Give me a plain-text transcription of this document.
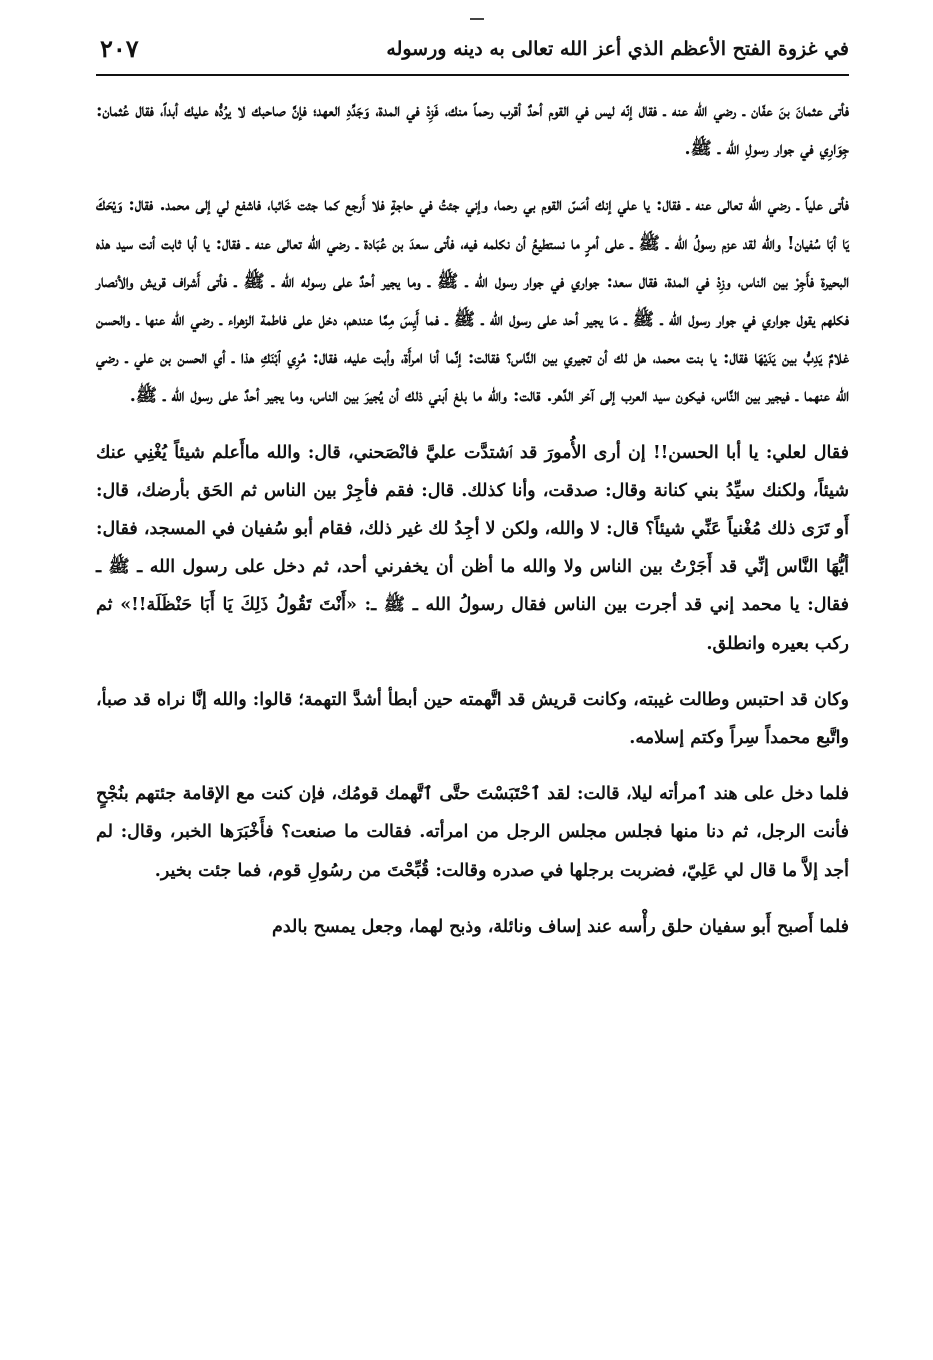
في غزوة الفتح الأعظم الذي أعز الله تعالى به دينه ورسوله
٢٠٧

فأتى عثمانَ بنَ عفّان ـ رضي الله عنه ـ فقال إنّه ليس في القوم أحدٌ أقرب رحماً منك، فَزِدْ في المدة، وَجَدِّدِ العهد؛ فإنَّ صاحبك لا يرُدُّه عليك أبداً، فقال عُثمان: جِوَارِي في جوار رسولِ الله ـ ﷺ.

فأتى علياً ـ رضي الله تعالى عنه ـ فقال: يا علي إنك أمَسّ القوم بي رحما، وإني جئتُ في حاجةٍ فلا أَرجع كما جئت خَائبا، فاشفع لي إلى محمد. فقال: وَيْحَكَ يَا أبَا سُفيان! والله لقد عزم رسولُ الله ـ ﷺ ـ على أمرٍ ما نستطيعُ أن نكلمه فيه، فأتى سعدَ بن عُبَادة ـ رضي الله تعالى عنه ـ فقال: يا أبا ثابت أنت سيد هذه البحيرة فأَجِرْ بين الناس، وزِدْ في المدة، فقال سعد: جواري في جوار رسول الله ـ ﷺ ـ وما يجير أحدٌ على رسوله الله ـ ﷺ ـ فأتى أَشراف قريش والأنصار فكلهم يقول جواري في جوار رسول الله ـ ﷺ ـ مَا يجير أحد على رسول الله ـ ﷺ ـ فما أَيِسَ مِمَّا عندهم، دخل على فاطمة الزهراء ـ رضي الله عنها ـ والحسن غلامٌ يَدِبُّ بين يَدَيْهَا فقال: يا بنت محمد، هل لك أن تجيري بين النَّاس؟ فقالت: إنَّما أنا امرأَة، وأبت عليه، فقال: مُرِي ٱبْنَكِ هذا ـ أي الحسن بن علي ـ رضي الله عنهما ـ فيجير بين النَّاس، فيكون سيد العرب إلى آخر الدَّهر. قالت: والله ما بلغ ٱبني ذلك أن يُجيرَ بين الناس، وما يجير أحدٌ على رسول الله ـ ﷺ.

فقال لعلي: يا أبا الحسن!! إن أرى الأُمورَ قد ٱشتدَّت عليَّ فانْصَحني، قال: والله ماأَعلم شيئاً يُغْنِي عنك شيئاً، ولكنك سيِّدُ بني كنانة وقال: صدقت، وأنا كذلك. قال: فقم فأجِرْ بين الناس ثم الحَق بأرضك، قال: أَو تَرَى ذلك مُغْنياً عَنِّي شيئاً؟ قال: لا والله، ولكن لا أجِدُ لك غير ذلك، فقام أبو سُفيان في المسجد، فقال: أيُّهَا النَّاس إنِّي قد أَجَرْتُ بين الناس ولا والله ما أظن أن يخفرني أحد، ثم دخل على رسول الله ـ ﷺ ـ فقال: يا محمد إني قد أجرت بين الناس فقال رسولُ الله ـ ﷺ ـ: «أَنْتَ تَقُولُ ذَلِكَ يَا أَبَا حَنْظَلَة!!» ثم ركب بعيره وانطلق.

وكان قد احتبس وطالت غيبته، وكانت قريش قد اتَّهمته حين أبطأ أشدَّ التهمة؛ قالوا: والله إنَّا نراه قد صبأ، واتَّبع محمداً سِراً وكتم إسلامه.

فلما دخل على هند ٱمرأته ليلا، قالت: لقد ٱحْتَبَسْتَ حتَّى ٱتَّهمك قومُك، فإن كنت مع الإقامة جئتهم بنُجْحٍ فأنت الرجل، ثم دنا منها فجلس مجلس الرجل من امرأته. فقالت ما صنعت؟ فأَخْبَرَها الخبر، وقال: لم أجد إلاَّ ما قال لي عَلِيّ، فضربت برجلها في صدره وقالت: قُبِّحْتَ من رسُولِ قوم، فما جئت بخير.

فلما أَصبح أَبو سفيان حلق رأْسه عند إساف ونائلة، وذبح لهما، وجعل يمسح بالدم
